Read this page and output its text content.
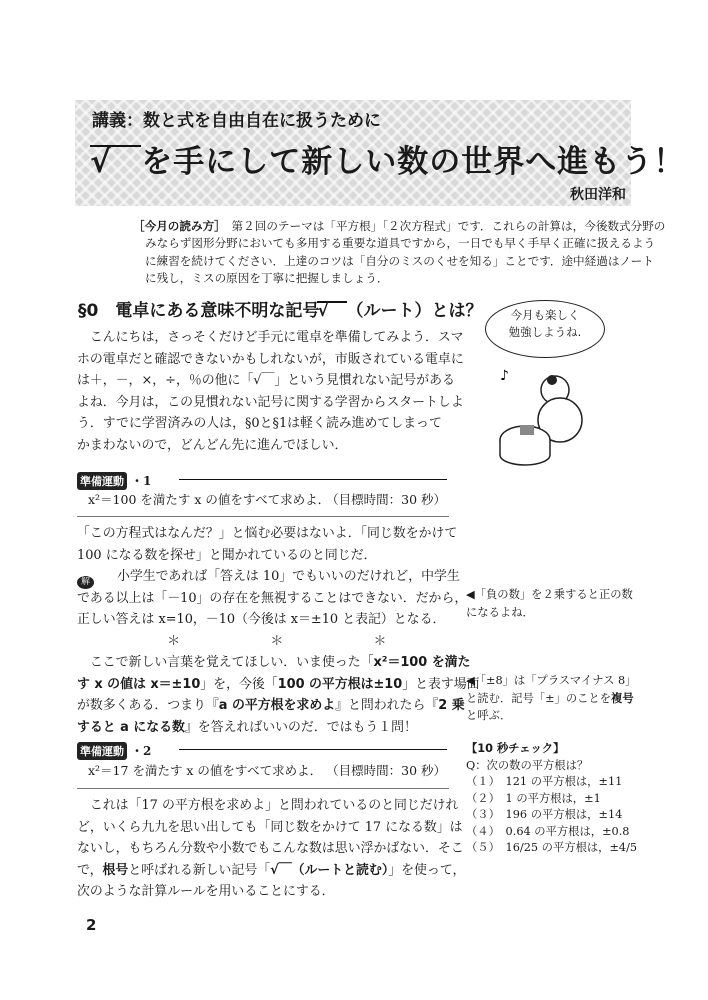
講義：数と式を自由自在に扱うために
√  を手にして新しい数の世界へ進もう！
秋田洋和
［今月の読み方］　第２回のテーマは「平方根」「２次方程式」です．これらの計算は，今後数式分野の
みならず図形分野においても多用する重要な道具ですから，一日でも早く手早く正確に扱えるよう
に練習を続けてください．上達のコツは「自分のミスのくせを知る」ことです．途中経過はノート
に残し，ミスの原因を丁寧に把握しましょう．
§0　電卓にある意味不明な記号√  （ルート）とは？
　こんにちは，さっそくだけど手元に電卓を準備してみよう．スマ
ホの電卓だと確認できないかもしれないが，市販されている電卓に
は＋，－，×，÷，％の他に「√￣」という見慣れない記号がある
よね．今月は，この見慣れない記号に関する学習からスタートしよ
う．すでに学習済みの人は，§0と§1は軽く読み進めてしまって
かまわないので，どんどん先に進んでほしい．
準備運動 ・1
x²＝100 を満たす x の値をすべて求めよ．
（目標時間：30 秒）
「この方程式はなんだ？」と悩む必要はないよ．「同じ数をかけて
100 になる数を探せ」と聞かれているのと同じだ．
小学生であれば「答えは 10」でもいいのだけれど，中学生
である以上は「－10」の存在を無視することはできない．だから，
正しい答えは x=10，－10（今後は x＝±10 と表記）となる．
　　　　　　　＊　　　　　　　＊　　　　　　　＊
　ここで新しい言葉を覚えてほしい．いま使った「x²＝100 を満た
す x の値は x＝±10」を，今後「100 の平方根は±10」と表す場面
が数多くある．つまり『a の平方根を求めよ』と問われたら『2 乗
すると a になる数』を答えればいいのだ．ではもう１問！
解
準備運動 ・2
x²＝17 を満たす x の値をすべて求めよ． （目標時間：30 秒）
　これは「17 の平方根を求めよ」と問われているのと同じだけれ
ど，いくら九九を思い出しても「同じ数をかけて 17 になる数」は
ないし，もちろん分数や小数でもこんな数は思い浮かばない．そこ
で，根号と呼ばれる新しい記号「√￣（ルートと読む）」を使って，
次のような計算ルールを用いることにする．
今月も楽しく
勉強しようね.
♪
◀「負の数」を２乗すると正の数
になるよね．
◀「±8」は「プラスマイナス 8」
と読む．記号「±」のことを複号
と呼ぶ．
【10 秒チェック】
Q：次の数の平方根は？
（１）　121 の平方根は，±11
（２）　1 の平方根は，±1
（３）　196 の平方根は，±14
（４）　0.64 の平方根は，±0.8
（５）　16/25 の平方根は，±4/5
2
